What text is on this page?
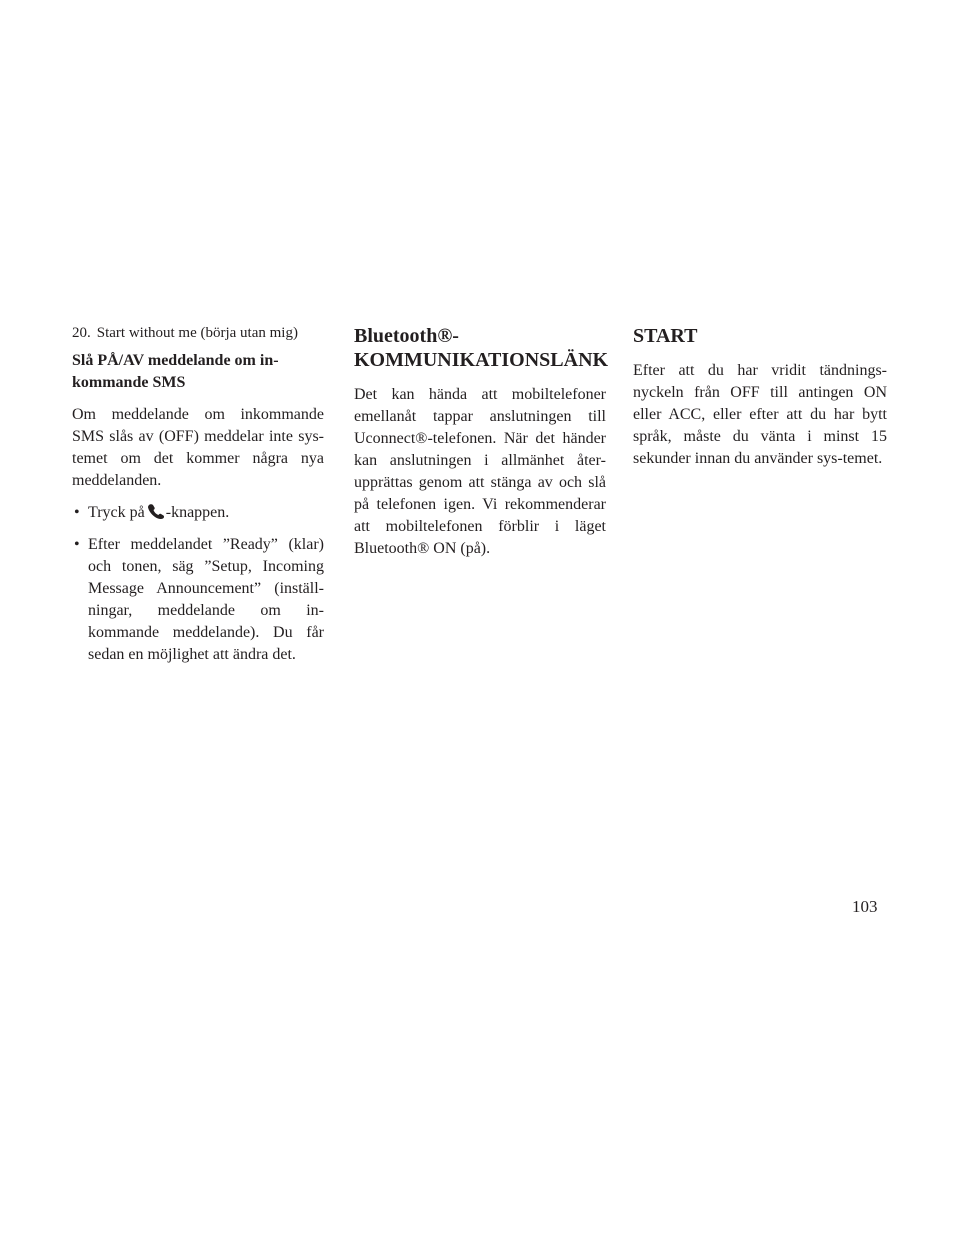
20. Start without me (börja utan mig)

Slå PÅ/AV meddelande om in-kommande SMS

Om meddelande om inkommande SMS slås av (OFF) meddelar inte sys-temet om det kommer några nya meddelanden.

• Tryck på -knappen.
• Efter meddelandet ”Ready” (klar) och tonen, säg ”Setup, Incoming Message Announcement” (inställ-ningar, meddelande om in-kommande meddelande). Du får sedan en möjlighet att ändra det.
Bluetooth®-
KOMMUNIKATIONSLÄNK

Det kan hända att mobiltelefoner emellanåt tappar anslutningen till Uconnect®-telefonen. När det händer kan anslutningen i allmänhet åter-upprättas genom att stänga av och slå på telefonen igen. Vi rekommenderar att mobiltelefonen förblir i läget Bluetooth® ON (på).

START

Efter att du har vridit tändnings-nyckeln från OFF till antingen ON eller ACC, eller efter att du har bytt språk, måste du vänta i minst 15 sekunder innan du använder sys-temet.

103
